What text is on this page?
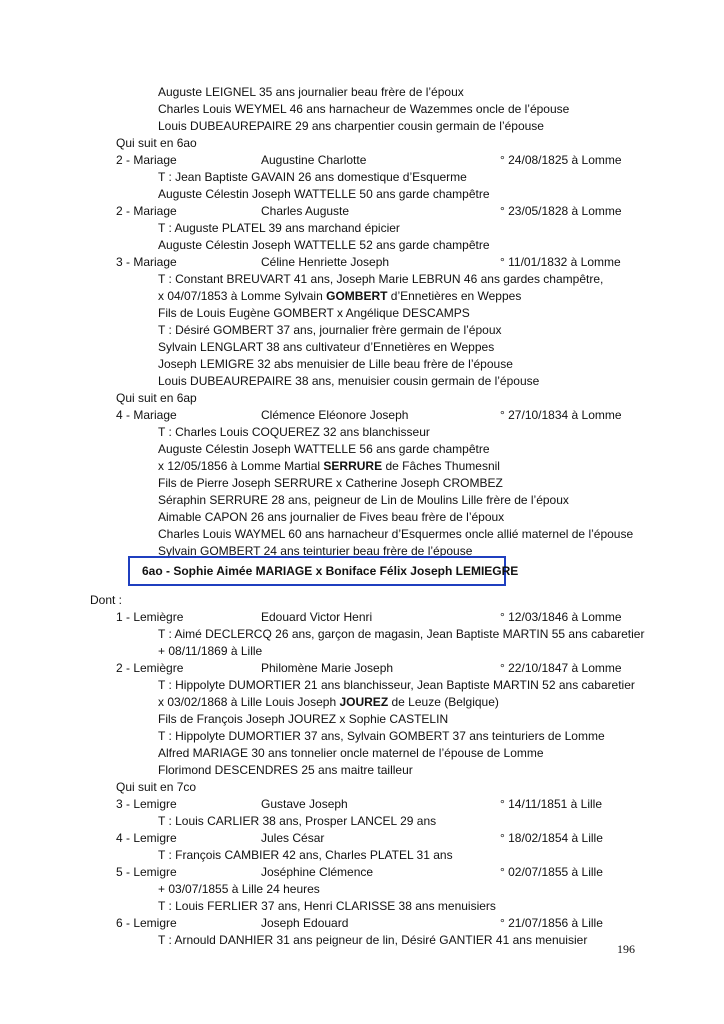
Auguste LEIGNEL 35 ans journalier beau frère de l’époux
Charles Louis WEYMEL 46 ans harnacheur de Wazemmes oncle de l’épouse
Louis DUBEAUREPAIRE 29 ans charpentier cousin germain de l’épouse
Qui suit en 6ao
2 - Mariage	Augustine Charlotte	° 24/08/1825 à Lomme
T : Jean Baptiste GAVAIN 26 ans domestique d’Esquerme
Auguste Célestin Joseph WATTELLE 50 ans garde champêtre
2 - Mariage	Charles Auguste	° 23/05/1828 à Lomme
T : Auguste PLATEL 39 ans marchand épicier
Auguste Célestin Joseph WATTELLE 52 ans garde champêtre
3 - Mariage	Céline Henriette Joseph	° 11/01/1832 à Lomme
T : Constant BREUVART 41 ans, Joseph Marie LEBRUN 46 ans gardes champêtre,
x 04/07/1853 à Lomme Sylvain GOMBERT d’Ennetières en Weppes
Fils de Louis Eugène GOMBERT x Angélique DESCAMPS
T : Désiré GOMBERT 37 ans, journalier frère germain de l’époux
Sylvain LENGLART 38 ans cultivateur d’Ennetières en Weppes
Joseph LEMIGRE 32 abs menuisier de Lille beau frère de l’épouse
Louis DUBEAUREPAIRE 38 ans, menuisier cousin germain de l’épouse
Qui suit en 6ap
4 - Mariage	Clémence Eléonore Joseph	° 27/10/1834 à Lomme
T : Charles Louis COQUEREZ 32 ans blanchisseur
Auguste Célestin Joseph WATTELLE 56 ans garde champêtre
x 12/05/1856 à Lomme Martial SERRURE de Fâches Thumesnil
Fils de Pierre Joseph SERRURE x Catherine Joseph CROMBEZ
Séraphin SERRURE 28 ans, peigneur de Lin de Moulins Lille frère de l’époux
Aimable CAPON 26 ans journalier de Fives beau frère de l’époux
Charles Louis WAYMEL 60 ans harnacheur d’Esquermes oncle allié maternel de l’épouse
Sylvain GOMBERT 24 ans teinturier beau frère de l’épouse
Dont :
1 - Lemiègre	Edouard Victor Henri	° 12/03/1846 à Lomme
T : Aimé DECLERCQ 26 ans, garçon de magasin, Jean Baptiste MARTIN 55 ans cabaretier
+ 08/11/1869 à Lille
2 - Lemiègre	Philomène Marie Joseph	° 22/10/1847 à Lomme
T : Hippolyte DUMORTIER 21 ans blanchisseur, Jean Baptiste MARTIN 52 ans cabaretier
x 03/02/1868 à Lille Louis Joseph JOUREZ de Leuze (Belgique)
Fils de François Joseph JOUREZ x Sophie CASTELIN
T : Hippolyte DUMORTIER 37 ans, Sylvain GOMBERT 37 ans teinturiers de Lomme
Alfred MARIAGE 30 ans tonnelier oncle maternel de l’épouse de Lomme
Florimond DESCENDRES 25 ans maitre tailleur
Qui suit en 7co
3 - Lemigre	Gustave Joseph	° 14/11/1851 à Lille
T : Louis CARLIER 38 ans, Prosper LANCEL 29 ans
4 - Lemigre	Jules César	° 18/02/1854 à Lille
T : François CAMBIER 42 ans, Charles PLATEL 31 ans
5 - Lemigre	Joséphine Clémence	° 02/07/1855 à Lille
+ 03/07/1855 à Lille 24 heures
T : Louis FERLIER 37 ans, Henri CLARISSE 38 ans menuisiers
6 - Lemigre	Joseph Edouard	° 21/07/1856 à Lille
T : Arnould DANHIER 31 ans peigneur de lin, Désiré GANTIER 41 ans menuisier
6ao - Sophie Aimée MARIAGE x Boniface Félix Joseph LEMIEGRE
196
